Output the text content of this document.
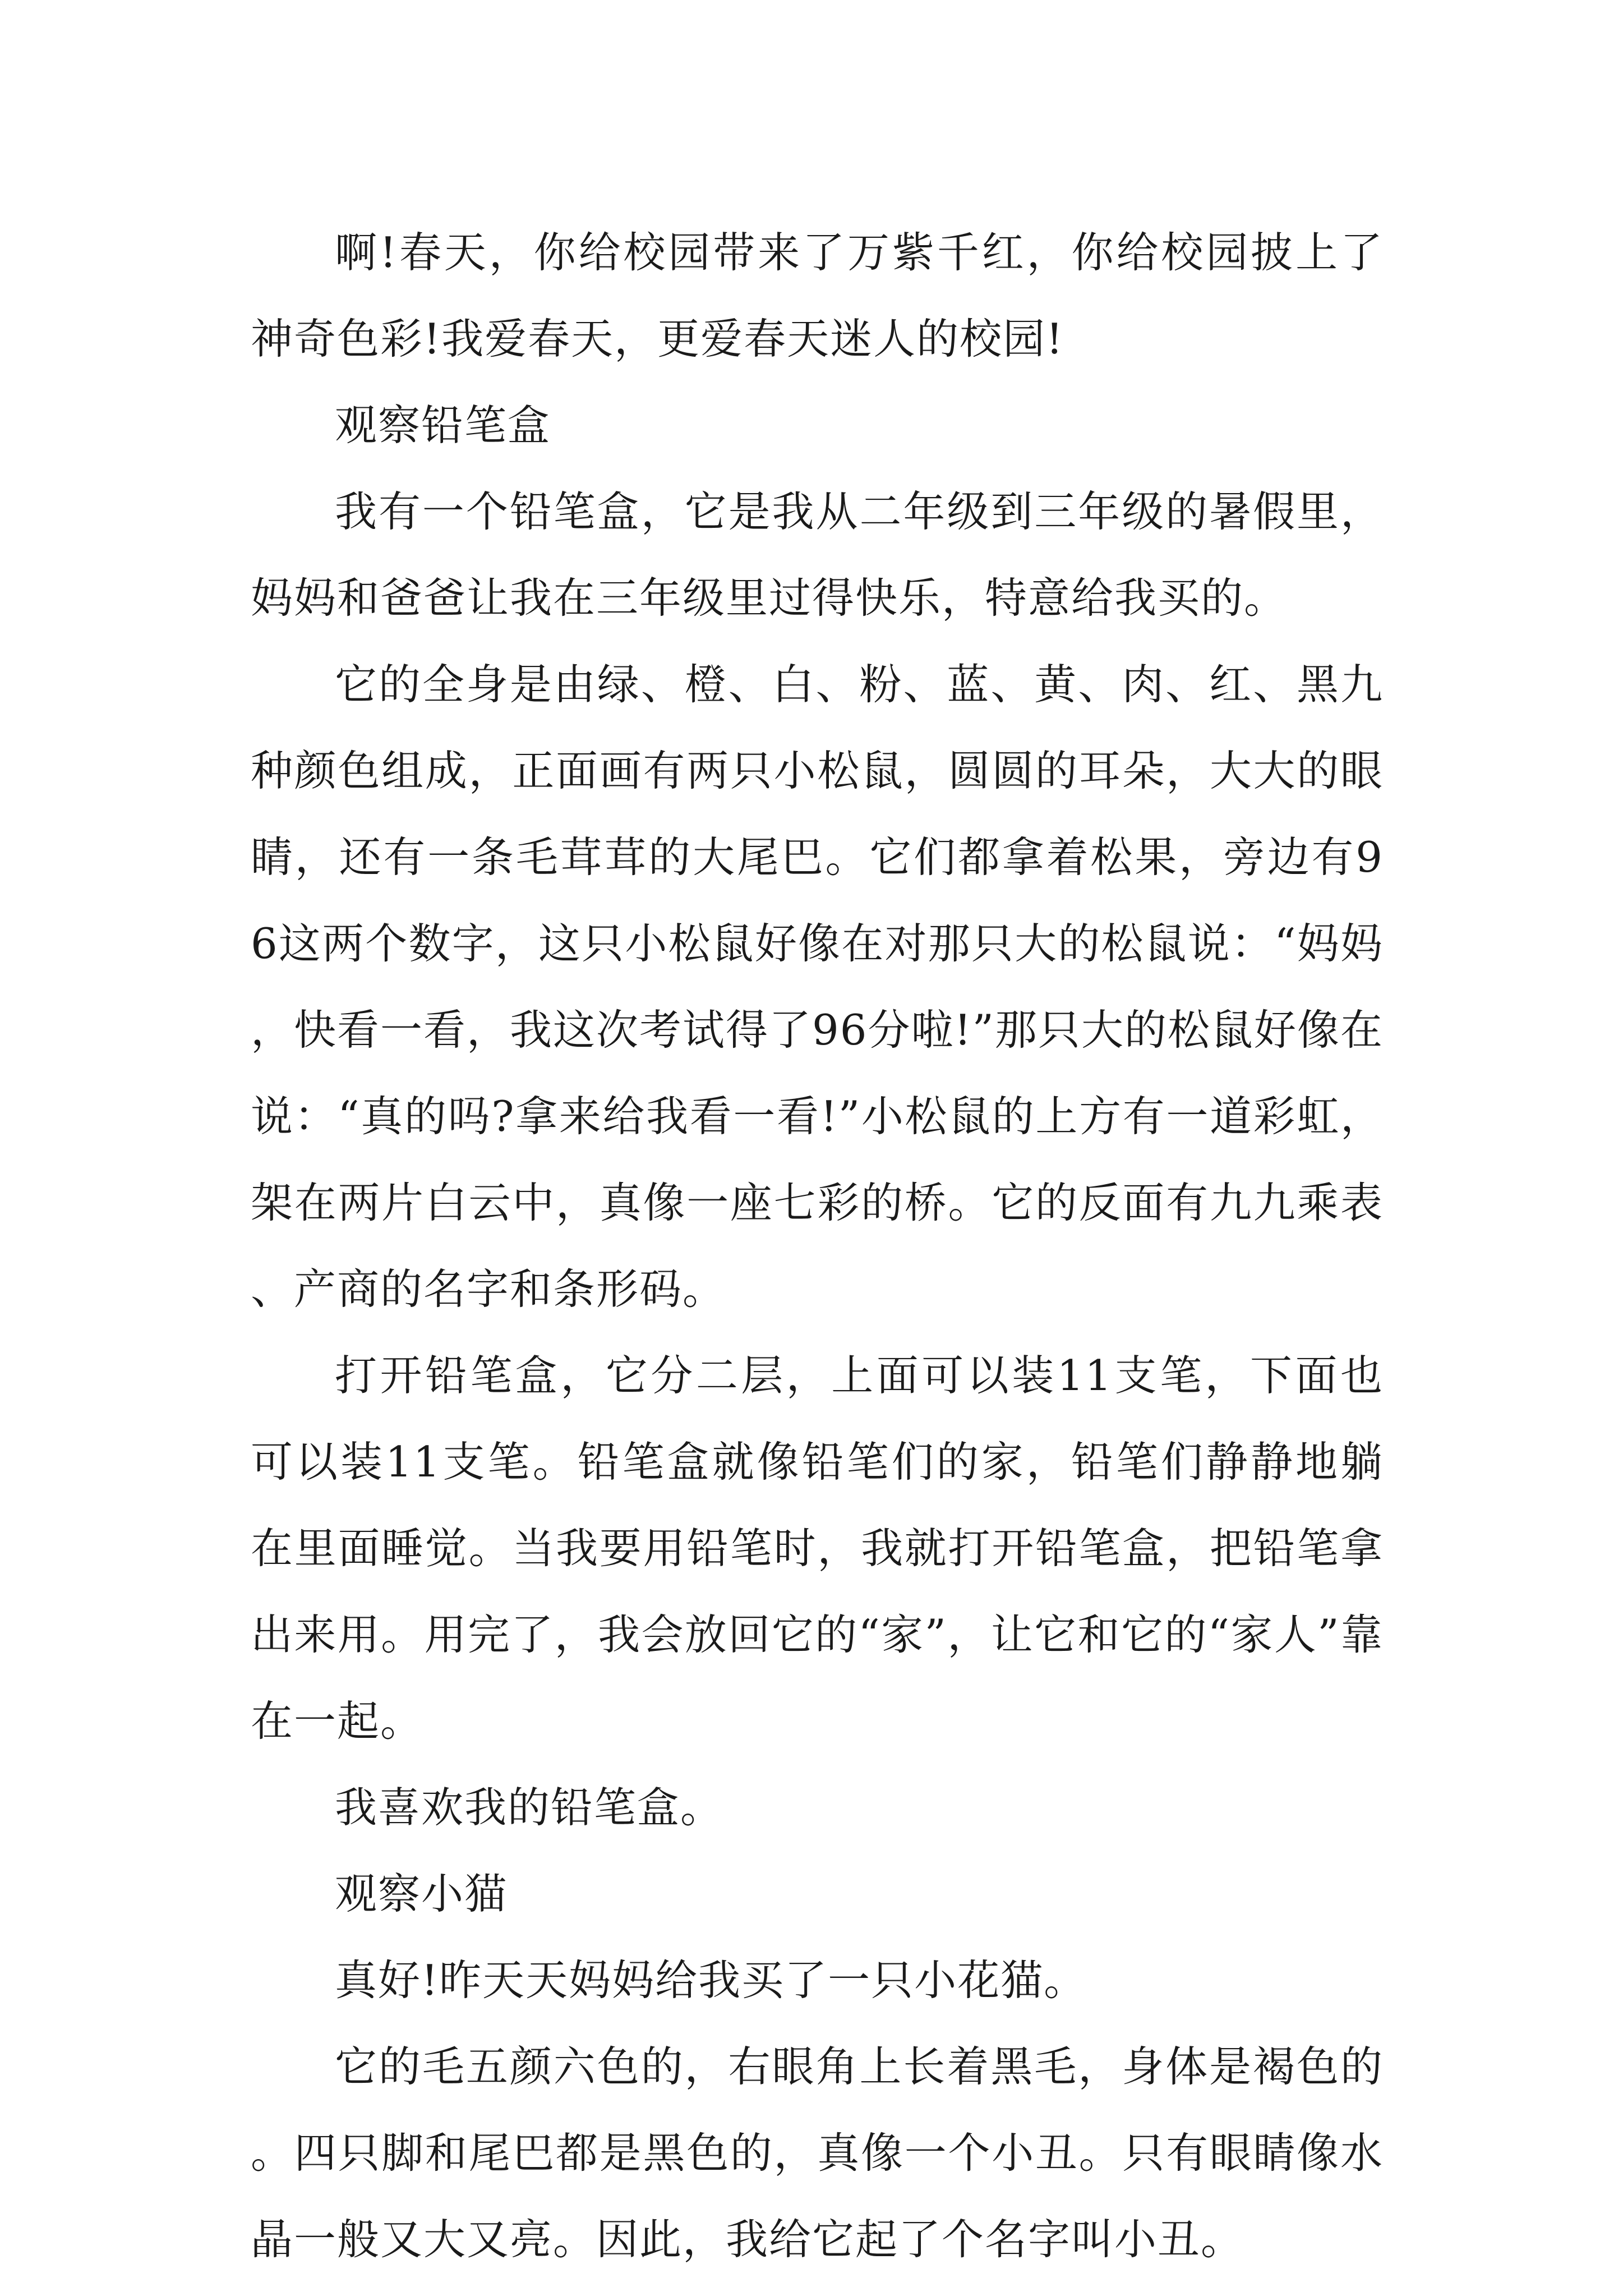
啊!春天，你给校园带来了万紫千红，你给校园披上了神奇色彩!我爱春天，更爱春天迷人的校园!

观察铅笔盒

我有一个铅笔盒，它是我从二年级到三年级的暑假里，妈妈和爸爸让我在三年级里过得快乐，特意给我买的。

它的全身是由绿、橙、白、粉、蓝、黄、肉、红、黑九种颜色组成，正面画有两只小松鼠，圆圆的耳朵，大大的眼睛，还有一条毛茸茸的大尾巴。它们都拿着松果，旁边有96这两个数字，这只小松鼠好像在对那只大的松鼠说：“妈妈，快看一看，我这次考试得了96分啦!”那只大的松鼠好像在说：“真的吗?拿来给我看一看!”小松鼠的上方有一道彩虹，架在两片白云中，真像一座七彩的桥。它的反面有九九乘表、产商的名字和条形码。

打开铅笔盒，它分二层，上面可以装11支笔，下面也可以装11支笔。铅笔盒就像铅笔们的家，铅笔们静静地躺在里面睡觉。当我要用铅笔时，我就打开铅笔盒，把铅笔拿出来用。用完了，我会放回它的“家”，让它和它的“家人”靠在一起。

我喜欢我的铅笔盒。

观察小猫

真好!昨天天妈妈给我买了一只小花猫。

它的毛五颜六色的，右眼角上长着黑毛，身体是褐色的。四只脚和尾巴都是黑色的，真像一个小丑。只有眼睛像水晶一般又大又亮。因此，我给它起了个名字叫小丑。
